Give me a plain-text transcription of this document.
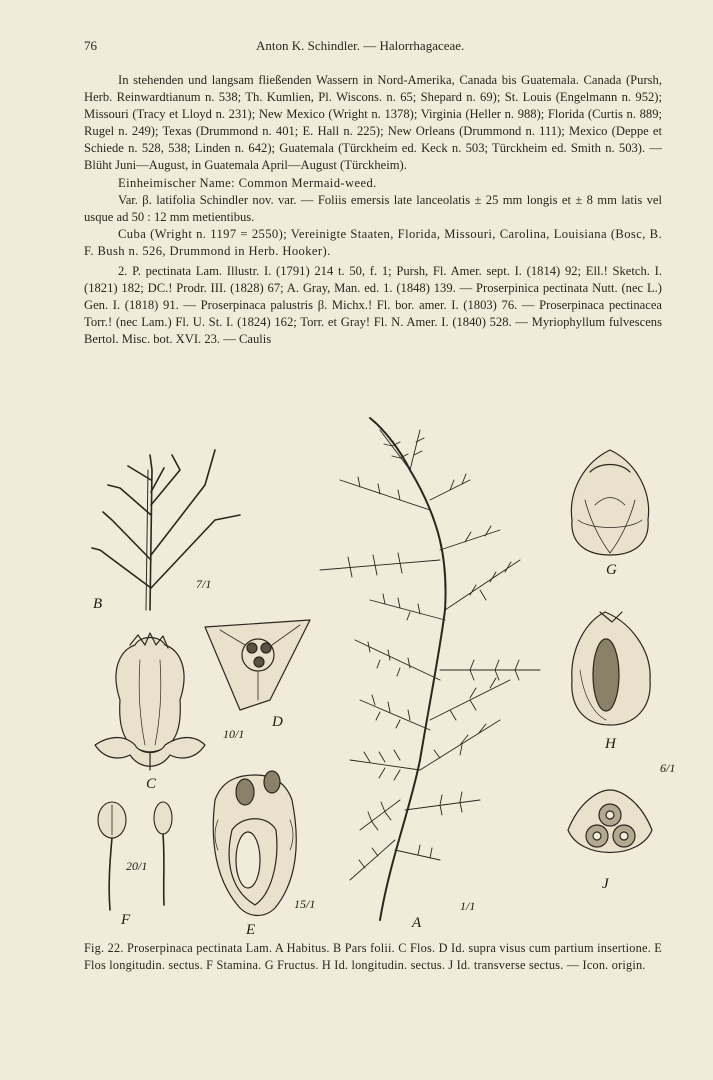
76	Anton K. Schindler. — Halorrhagaceae.

In stehenden und langsam fließenden Wassern in Nord-Amerika, Canada bis Guatemala. Canada (Pursh, Herb. Reinwardtianum n. 538; Th. Kumlien, Pl. Wiscons. n. 65; Shepard n. 69); St. Louis (Engelmann n. 952); Missouri (Tracy et Lloyd n. 231); New Mexico (Wright n. 1378); Virginia (Heller n. 988); Florida (Curtis n. 889; Rugel n. 249); Texas (Drummond n. 401; E. Hall n. 225); New Orleans (Drummond n. 111); Mexico (Deppe et Schiede n. 528, 538; Linden n. 642); Guatemala (Türckheim ed. Keck n. 503; Türckheim ed. Smith n. 503). — Blüht Juni—August, in Guatemala April—August (Türckheim).

Einheimischer Name: Common Mermaid-weed.

Var. β. latifolia Schindler nov. var. — Foliis emersis late lanceolatis ± 25 mm longis et ± 8 mm latis vel usque ad 50 : 12 mm metientibus.

Cuba (Wright n. 1197 = 2550); Vereinigte Staaten, Florida, Missouri, Carolina, Louisiana (Bosc, B. F. Bush n. 526, Drummond in Herb. Hooker).

2. P. pectinata Lam. Illustr. I. (1791) 214 t. 50, f. 1; Pursh, Fl. Amer. sept. I. (1814) 92; Ell.! Sketch. I. (1821) 182; DC.! Prodr. III. (1828) 67; A. Gray, Man. ed. 1. (1848) 139. — Proserpinica pectinata Nutt. (nec L.) Gen. I. (1818) 91. — Proserpinaca palustris β. Michx.! Fl. bor. amer. I. (1803) 76. — Proserpinaca pectinacea Torr.! (nec Lam.) Fl. U. St. I. (1824) 162; Torr. et Gray! Fl. N. Amer. I. (1840) 528. — Myriophyllum fulvescens Bertol. Misc. bot. XVI. 23. — Caulis

B
C
D
F
E	A
G
H
J
7/1
10/1
20/1
15/1	1/1
6/1
Fig. 22. Proserpinaca pectinata Lam. A Habitus. B Pars folii. C Flos. D Id. supra visus cum partium insertione. E Flos longitudin. sectus. F Stamina. G Fructus. H Id. longitudin. sectus. J Id. transverse sectus. — Icon. origin.
